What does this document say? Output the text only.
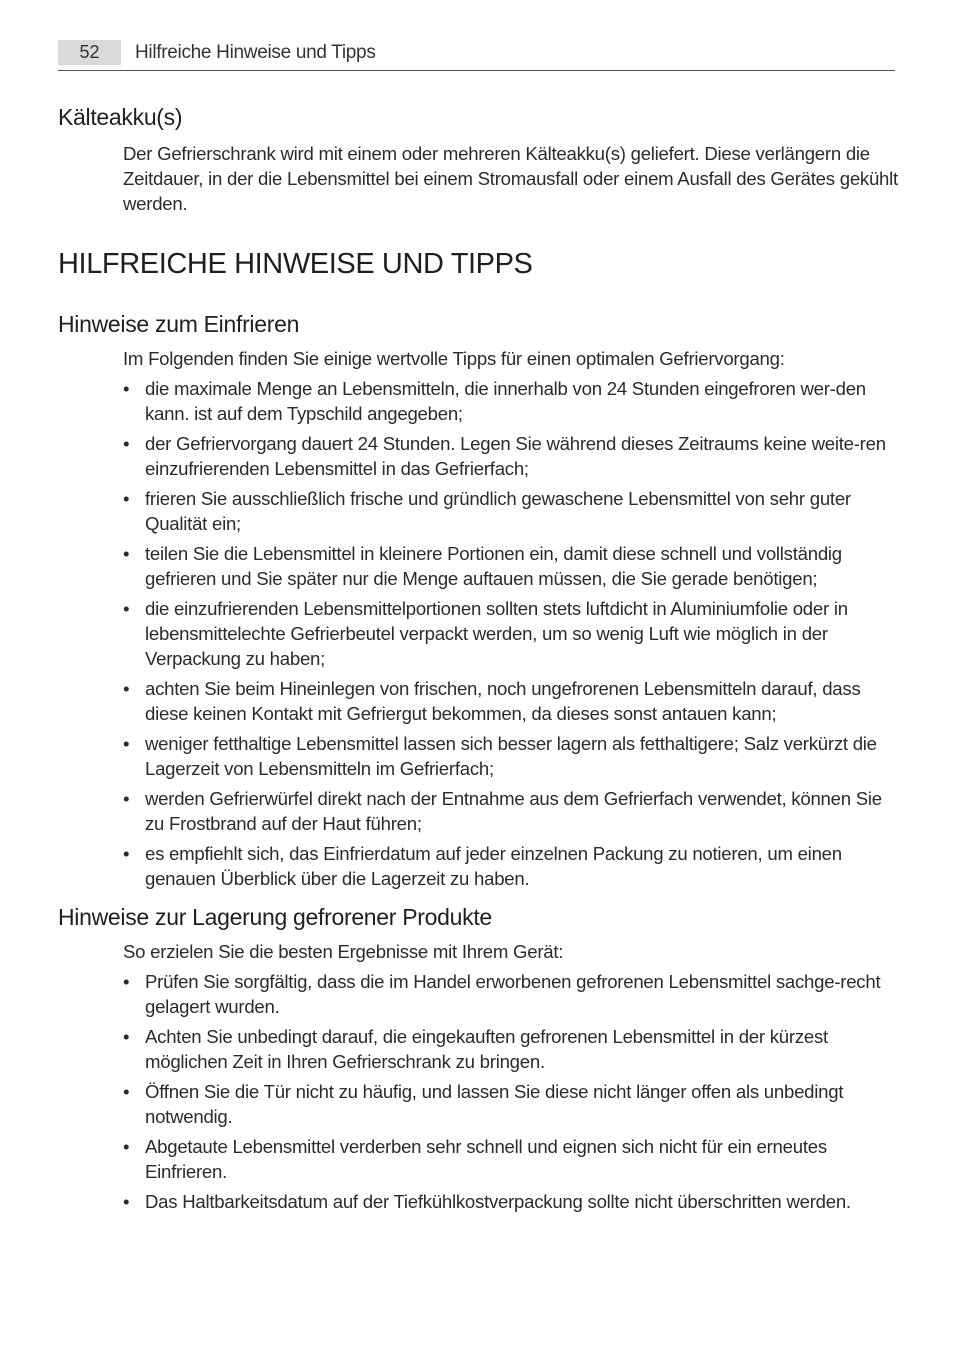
52	Hilfreiche Hinweise und Tipps
Kälteakku(s)

Der Gefrierschrank wird mit einem oder mehreren Kälteakku(s) geliefert. Diese verlängern die Zeitdauer, in der die Lebensmittel bei einem Stromausfall oder einem Ausfall des Gerätes gekühlt werden.

HILFREICHE HINWEISE UND TIPPS
Hinweise zum Einfrieren

Im Folgenden finden Sie einige wertvolle Tipps für einen optimalen Gefriervorgang:

• die maximale Menge an Lebensmitteln, die innerhalb von 24 Stunden eingefroren wer-den kann. ist auf dem Typschild angegeben;
• der Gefriervorgang dauert 24 Stunden. Legen Sie während dieses Zeitraums keine weite-ren einzufrierenden Lebensmittel in das Gefrierfach;
• frieren Sie ausschließlich frische und gründlich gewaschene Lebensmittel von sehr guter Qualität ein;
• teilen Sie die Lebensmittel in kleinere Portionen ein, damit diese schnell und vollständig gefrieren und Sie später nur die Menge auftauen müssen, die Sie gerade benötigen;
• die einzufrierenden Lebensmittelportionen sollten stets luftdicht in Aluminiumfolie oder in lebensmittelechte Gefrierbeutel verpackt werden, um so wenig Luft wie möglich in der Verpackung zu haben;
• achten Sie beim Hineinlegen von frischen, noch ungefrorenen Lebensmitteln darauf, dass diese keinen Kontakt mit Gefriergut bekommen, da dieses sonst antauen kann;
• weniger fetthaltige Lebensmittel lassen sich besser lagern als fetthaltigere; Salz verkürzt die Lagerzeit von Lebensmitteln im Gefrierfach;
• werden Gefrierwürfel direkt nach der Entnahme aus dem Gefrierfach verwendet, können Sie zu Frostbrand auf der Haut führen;
• es empfiehlt sich, das Einfrierdatum auf jeder einzelnen Packung zu notieren, um einen genauen Überblick über die Lagerzeit zu haben.
Hinweise zur Lagerung gefrorener Produkte

So erzielen Sie die besten Ergebnisse mit Ihrem Gerät:

• Prüfen Sie sorgfältig, dass die im Handel erworbenen gefrorenen Lebensmittel sachge-recht gelagert wurden.
• Achten Sie unbedingt darauf, die eingekauften gefrorenen Lebensmittel in der kürzest möglichen Zeit in Ihren Gefrierschrank zu bringen.
• Öffnen Sie die Tür nicht zu häufig, und lassen Sie diese nicht länger offen als unbedingt notwendig.
• Abgetaute Lebensmittel verderben sehr schnell und eignen sich nicht für ein erneutes Einfrieren.
• Das Haltbarkeitsdatum auf der Tiefkühlkostverpackung sollte nicht überschritten werden.
